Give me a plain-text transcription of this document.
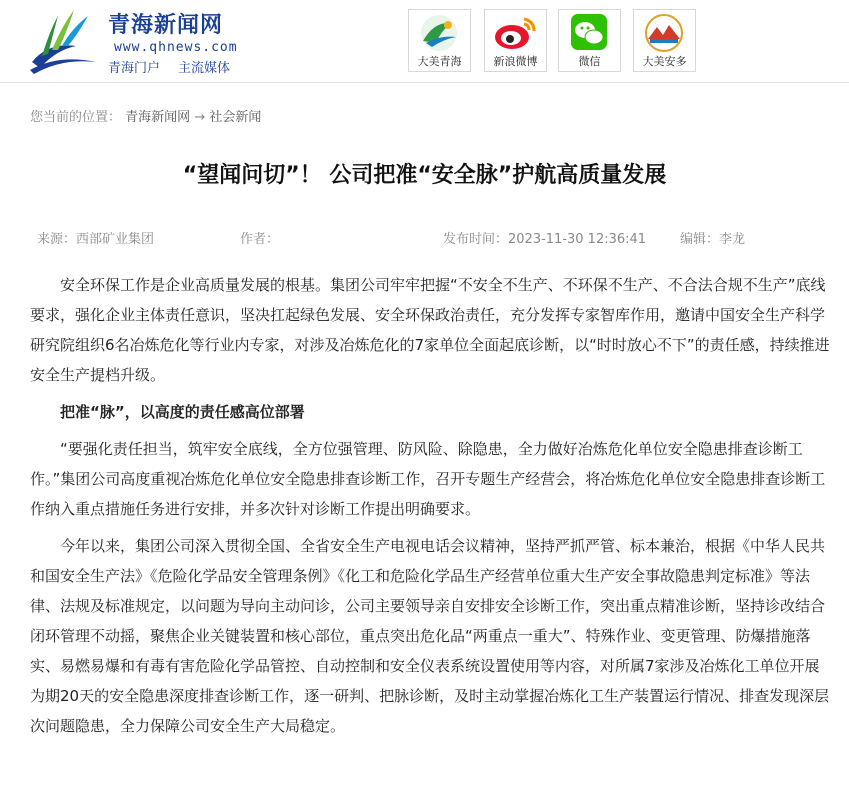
青海新闻网
www.qhnews.com
青海门户 主流媒体	大美青海	新浪微博	微信	大美安多
您当前的位置： 青海新闻网 → 社会新闻
“望闻问切”！ 公司把准“安全脉”护航高质量发展
来源：西部矿业集团	作者：	发布时间：2023-11-30 12:36:41	编辑：李龙

安全环保工作是企业高质量发展的根基。集团公司牢牢把握“不安全不生产、不环保不生产、不合法合规不生产”底线要求，强化企业主体责任意识，坚决扛起绿色发展、安全环保政治责任，充分发挥专家智库作用，邀请中国安全生产科学研究院组织6名冶炼危化等行业内专家，对涉及冶炼危化的7家单位全面起底诊断，以“时时放心不下”的责任感，持续推进安全生产提档升级。

把准“脉”，以高度的责任感高位部署

“要强化责任担当，筑牢安全底线，全方位强管理、防风险、除隐患，全力做好冶炼危化单位安全隐患排查诊断工作。”集团公司高度重视冶炼危化单位安全隐患排查诊断工作，召开专题生产经营会，将冶炼危化单位安全隐患排查诊断工作纳入重点措施任务进行安排，并多次针对诊断工作提出明确要求。

今年以来，集团公司深入贯彻全国、全省安全生产电视电话会议精神，坚持严抓严管、标本兼治，根据《中华人民共和国安全生产法》《危险化学品安全管理条例》《化工和危险化学品生产经营单位重大生产安全事故隐患判定标准》等法律、法规及标准规定，以问题为导向主动问诊，公司主要领导亲自安排安全诊断工作，突出重点精准诊断，坚持诊改结合闭环管理不动摇，聚焦企业关键装置和核心部位，重点突出危化品“两重点一重大”、特殊作业、变更管理、防爆措施落实、易燃易爆和有毒有害危险化学品管控、自动控制和安全仪表系统设置使用等内容，对所属7家涉及冶炼化工单位开展为期20天的安全隐患深度排查诊断工作，逐一研判、把脉诊断，及时主动掌握冶炼化工生产装置运行情况、排查发现深层次问题隐患，全力保障公司安全生产大局稳定。
